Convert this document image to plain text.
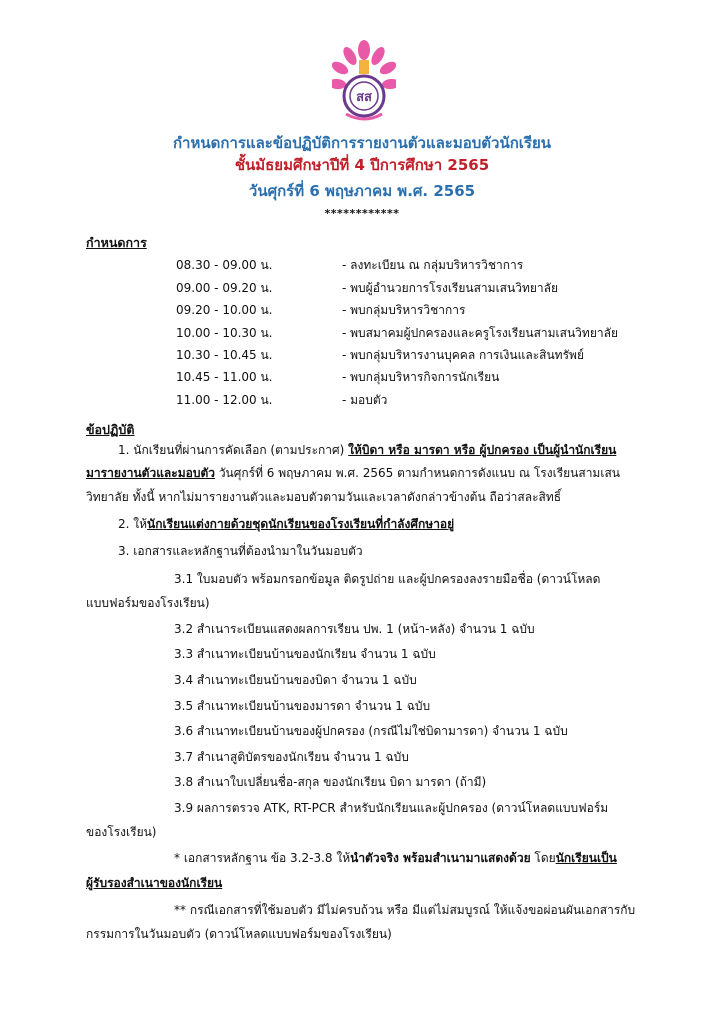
สส
กำหนดการและข้อปฏิบัติการรายงานตัวและมอบตัวนักเรียน
ชั้นมัธยมศึกษาปีที่ 4 ปีการศึกษา 2565
วันศุกร์ที่ 6 พฤษภาคม พ.ศ. 2565
************
กำหนดการ
08.30 - 09.00 น.	- ลงทะเบียน ณ กลุ่มบริหารวิชาการ
09.00 - 09.20 น.	- พบผู้อำนวยการโรงเรียนสามเสนวิทยาลัย
09.20 - 10.00 น.	- พบกลุ่มบริหารวิชาการ
10.00 - 10.30 น.	- พบสมาคมผู้ปกครองและครูโรงเรียนสามเสนวิทยาลัย
10.30 - 10.45 น.	- พบกลุ่มบริหารงานบุคคล การเงินและสินทรัพย์
10.45 - 11.00 น.	- พบกลุ่มบริหารกิจการนักเรียน
11.00 - 12.00 น.	- มอบตัว
ข้อปฏิบัติ
1. นักเรียนที่ผ่านการคัดเลือก (ตามประกาศ) ให้บิดา หรือ มารดา หรือ ผู้ปกครอง เป็นผู้นำนักเรียน
มารายงานตัวและมอบตัว วันศุกร์ที่ 6 พฤษภาคม พ.ศ. 2565 ตามกำหนดการดังแนบ ณ โรงเรียนสามเสน
วิทยาลัย ทั้งนี้ หากไม่มารายงานตัวและมอบตัวตามวันและเวลาดังกล่าวข้างต้น ถือว่าสละสิทธิ์
2. ให้นักเรียนแต่งกายด้วยชุดนักเรียนของโรงเรียนที่กำลังศึกษาอยู่
3. เอกสารและหลักฐานที่ต้องนำมาในวันมอบตัว
3.1 ใบมอบตัว พร้อมกรอกข้อมูล ติดรูปถ่าย และผู้ปกครองลงรายมือชื่อ (ดาวน์โหลด
แบบฟอร์มของโรงเรียน)
3.2 สำเนาระเบียนแสดงผลการเรียน ปพ. 1 (หน้า-หลัง) จำนวน 1 ฉบับ
3.3 สำเนาทะเบียนบ้านของนักเรียน จำนวน 1 ฉบับ
3.4 สำเนาทะเบียนบ้านของบิดา จำนวน 1 ฉบับ
3.5 สำเนาทะเบียนบ้านของมารดา จำนวน 1 ฉบับ
3.6 สำเนาทะเบียนบ้านของผู้ปกครอง (กรณีไม่ใช่บิดามารดา) จำนวน 1 ฉบับ
3.7 สำเนาสูติบัตรของนักเรียน จำนวน 1 ฉบับ
3.8 สำเนาใบเปลี่ยนชื่อ-สกุล ของนักเรียน บิดา มารดา (ถ้ามี)
3.9 ผลการตรวจ ATK, RT-PCR สำหรับนักเรียนและผู้ปกครอง (ดาวน์โหลดแบบฟอร์ม
ของโรงเรียน)
* เอกสารหลักฐาน ข้อ 3.2-3.8 ให้นำตัวจริง พร้อมสำเนามาแสดงด้วย โดยนักเรียนเป็น
ผู้รับรองสำเนาของนักเรียน
** กรณีเอกสารที่ใช้มอบตัว มีไม่ครบถ้วน หรือ มีแต่ไม่สมบูรณ์ ให้แจ้งขอผ่อนผันเอกสารกับ
กรรมการในวันมอบตัว (ดาวน์โหลดแบบฟอร์มของโรงเรียน)
